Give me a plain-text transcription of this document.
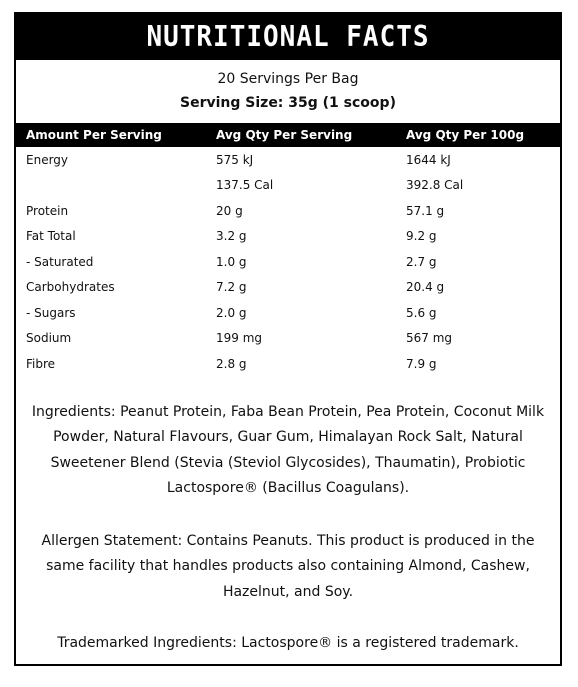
NUTRITIONAL FACTS
20 Servings Per Bag
Serving Size: 35g (1 scoop)
Amount Per Serving	Avg Qty Per Serving	Avg Qty Per 100g
Energy	575 kJ	1644 kJ
	137.5 Cal	392.8 Cal
Protein	20 g	57.1 g
Fat Total	3.2 g	9.2 g
- Saturated	1.0 g	2.7 g
Carbohydrates	7.2 g	20.4 g
- Sugars	2.0 g	5.6 g
Sodium	199 mg	567 mg
Fibre	2.8 g	7.9 g
Ingredients: Peanut Protein, Faba Bean Protein, Pea Protein, Coconut Milk Powder, Natural Flavours, Guar Gum, Himalayan Rock Salt, Natural Sweetener Blend (Stevia (Steviol Glycosides), Thaumatin), Probiotic Lactospore® (Bacillus Coagulans).
Allergen Statement: Contains Peanuts. This product is produced in the same facility that handles products also containing Almond, Cashew, Hazelnut, and Soy.
Trademarked Ingredients: Lactospore® is a registered trademark.
